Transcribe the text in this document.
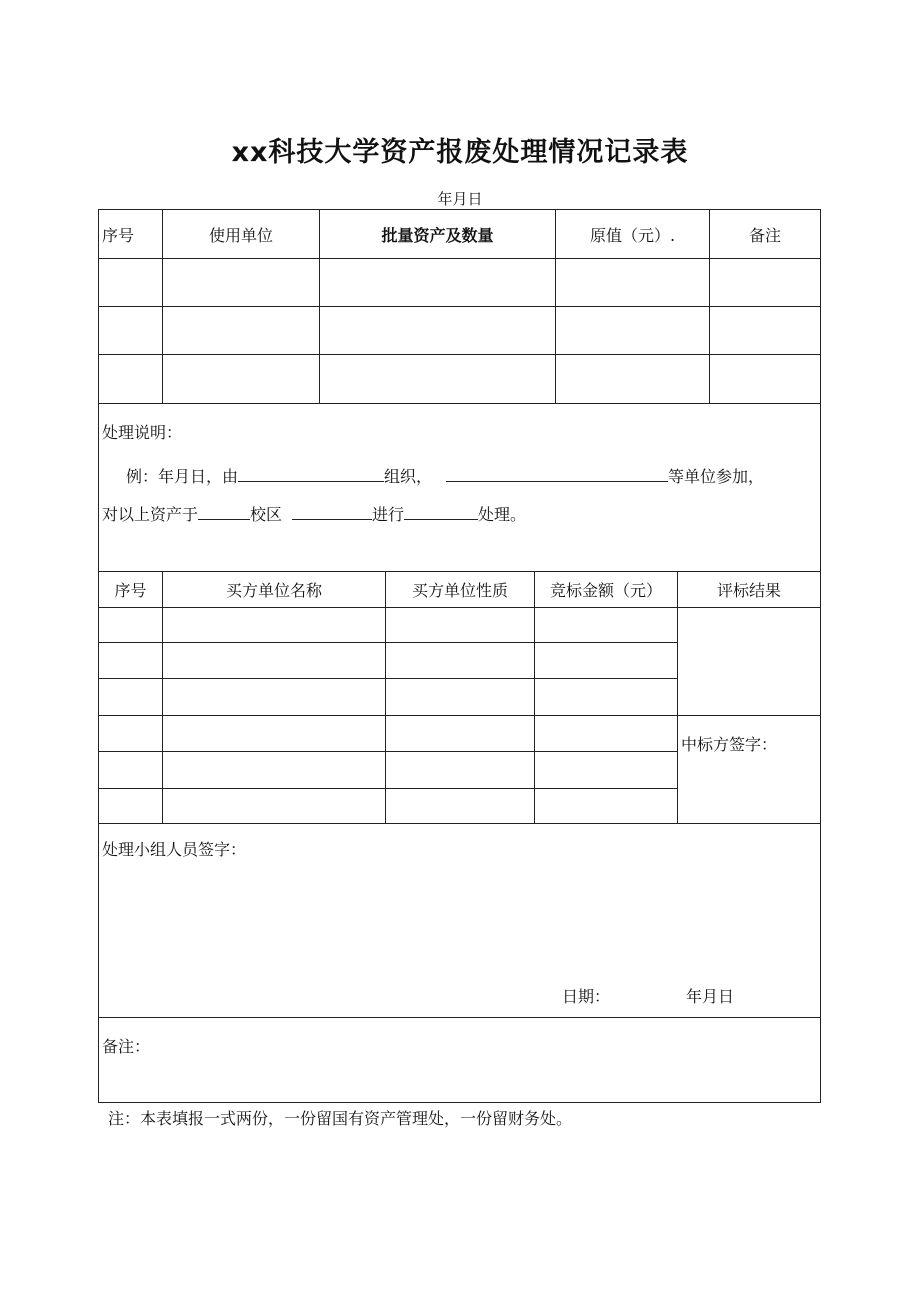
xx科技大学资产报废处理情况记录表
年月日
序号	使用单位	批量资产及数量	原值（元）.	备注
处理说明：
例：年月日，由	组织，	等单位参加，
对以上资产于	校区	进行	处理。
序号	买方单位名称	买方单位性质	竞标金额（元）	评标结果
中标方签字：
处理小组人员签字：
日期：	年月日
备注：
注：本表填报一式两份，一份留国有资产管理处，一份留财务处。
